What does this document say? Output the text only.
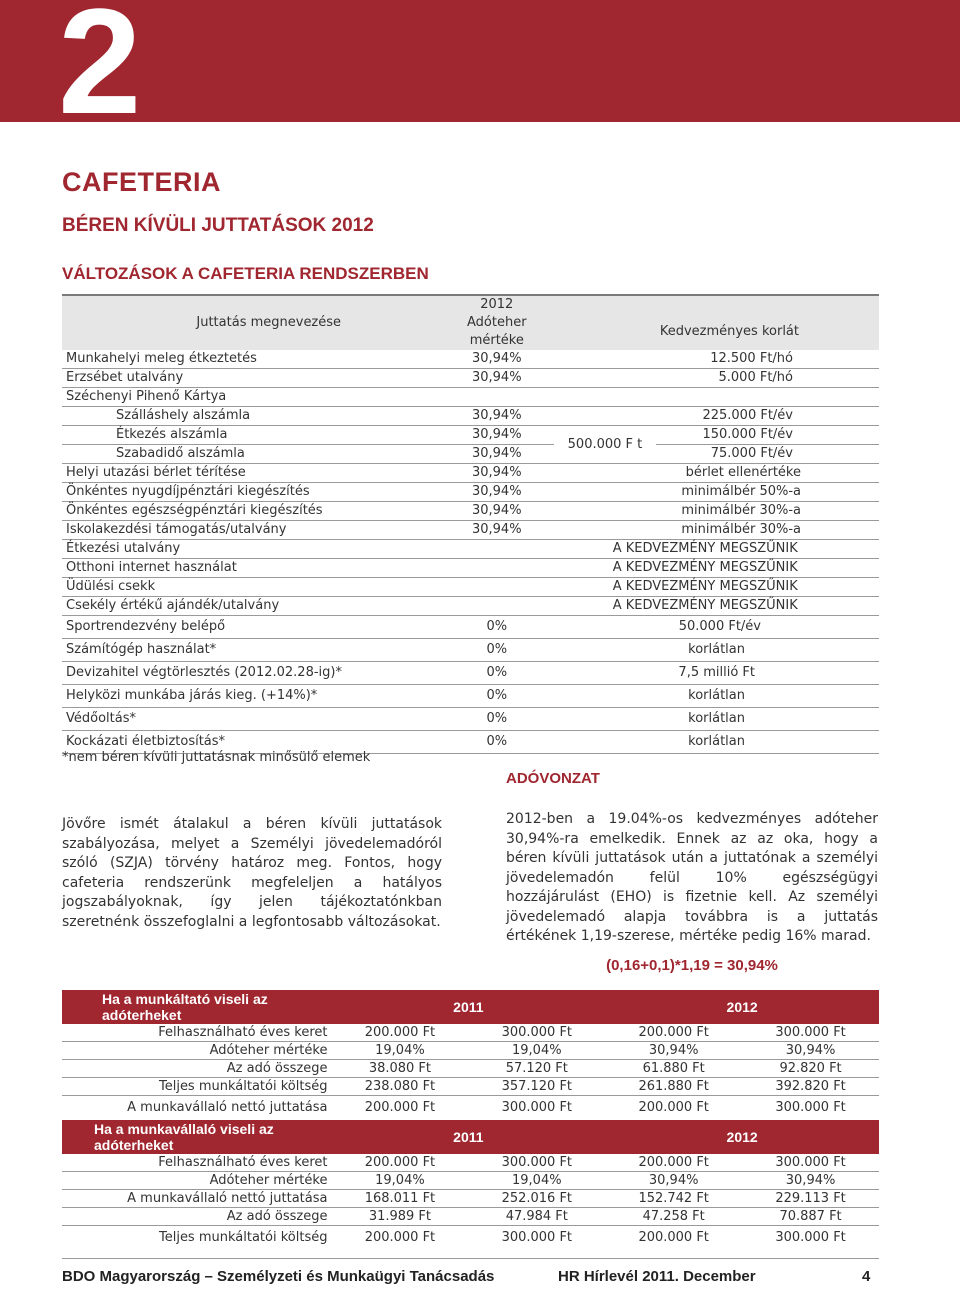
2
CAFETERIA
BÉREN KÍVÜLI JUTTATÁSOK 2012
VÁLTOZÁSOK A CAFETERIA RENDSZERBEN
	2012		
Juttatás megnevezése	Adóteher		Kedvezményes korlát
	mértéke		
Munkahelyi meleg étkeztetés	30,94%		12.500 Ft/hó
Erzsébet utalvány	30,94%		5.000 Ft/hó
Széchenyi Pihenő Kártya			
Szálláshely alszámla	30,94%		225.000 Ft/év
Étkezés alszámla	30,94%	500.000 F t	150.000 Ft/év
Szabadidő alszámla	30,94%		75.000 Ft/év
Helyi utazási bérlet térítése	30,94%		bérlet ellenértéke
Önkéntes nyugdíjpénztári kiegészítés	30,94%		minimálbér 50%-a
Önkéntes egészségpénztári kiegészítés	30,94%		minimálbér 30%-a
Iskolakezdési támogatás/utalvány	30,94%		minimálbér 30%-a
Étkezési utalvány	A KEDVEZMÉNY MEGSZŰNIK		
Otthoni internet használat	A KEDVEZMÉNY MEGSZŰNIK		
Üdülési csekk	A KEDVEZMÉNY MEGSZŰNIK		
Csekély értékű ajándék/utalvány	A KEDVEZMÉNY MEGSZŰNIK		
Sportrendezvény belépő	0%		50.000 Ft/év
Számítógép használat*	0%		korlátlan
Devizahitel végtörlesztés (2012.02.28-ig)*	0%		7,5 millió Ft
Helyközi munkába járás kieg. (+14%)*	0%		korlátlan
Védőoltás*	0%		korlátlan
Kockázati életbiztosítás*	0%		korlátlan
*nem béren kívüli juttatásnak minősülő elemek
ADÓVONZAT
Jövőre ismét átalakul a béren kívüli juttatások szabályozása, melyet a Személyi jövedelemadóról szóló (SZJA) törvény határoz meg. Fontos, hogy cafeteria rendszerünk megfeleljen a hatályos jogszabályoknak, így jelen tájékoztatónkban szeretnénk összefoglalni a legfontosabb változásokat.
2012-ben a 19.04%-os kedvezményes adóteher 30,94%-ra emelkedik. Ennek az az oka, hogy a béren kívüli juttatások után a juttatónak a személyi jövedelemadón felül 10% egészségügyi hozzájárulást (EHO) is fizetnie kell. Az személyi jövedelemadó alapja továbbra is a juttatás értékének 1,19-szerese, mértéke pedig 16% marad.
(0,16+0,1)*1,19 = 30,94%
Ha a munkáltató viseli az adóterheket	2011		2012	
Felhasználható éves keret	200.000 Ft	300.000 Ft	200.000 Ft	300.000 Ft
Adóteher mértéke	19,04%	19,04%	30,94%	30,94%
Az adó összege	38.080 Ft	57.120 Ft	61.880 Ft	92.820 Ft
Teljes munkáltatói költség	238.080 Ft	357.120 Ft	261.880 Ft	392.820 Ft
A munkavállaló nettó juttatása	200.000 Ft	300.000 Ft	200.000 Ft	300.000 Ft
Ha a munkavállaló viseli az adóterheket	2011		2012	
Felhasználható éves keret	200.000 Ft	300.000 Ft	200.000 Ft	300.000 Ft
Adóteher mértéke	19,04%	19,04%	30,94%	30,94%
A munkavállaló nettó juttatása	168.011 Ft	252.016 Ft	152.742 Ft	229.113 Ft
Az adó összege	31.989 Ft	47.984 Ft	47.258 Ft	70.887 Ft
Teljes munkáltatói költség	200.000 Ft	300.000 Ft	200.000 Ft	300.000 Ft
BDO Magyarország – Személyzeti és Munkaügyi Tanácsadás	HR Hírlevél 2011. December	4
